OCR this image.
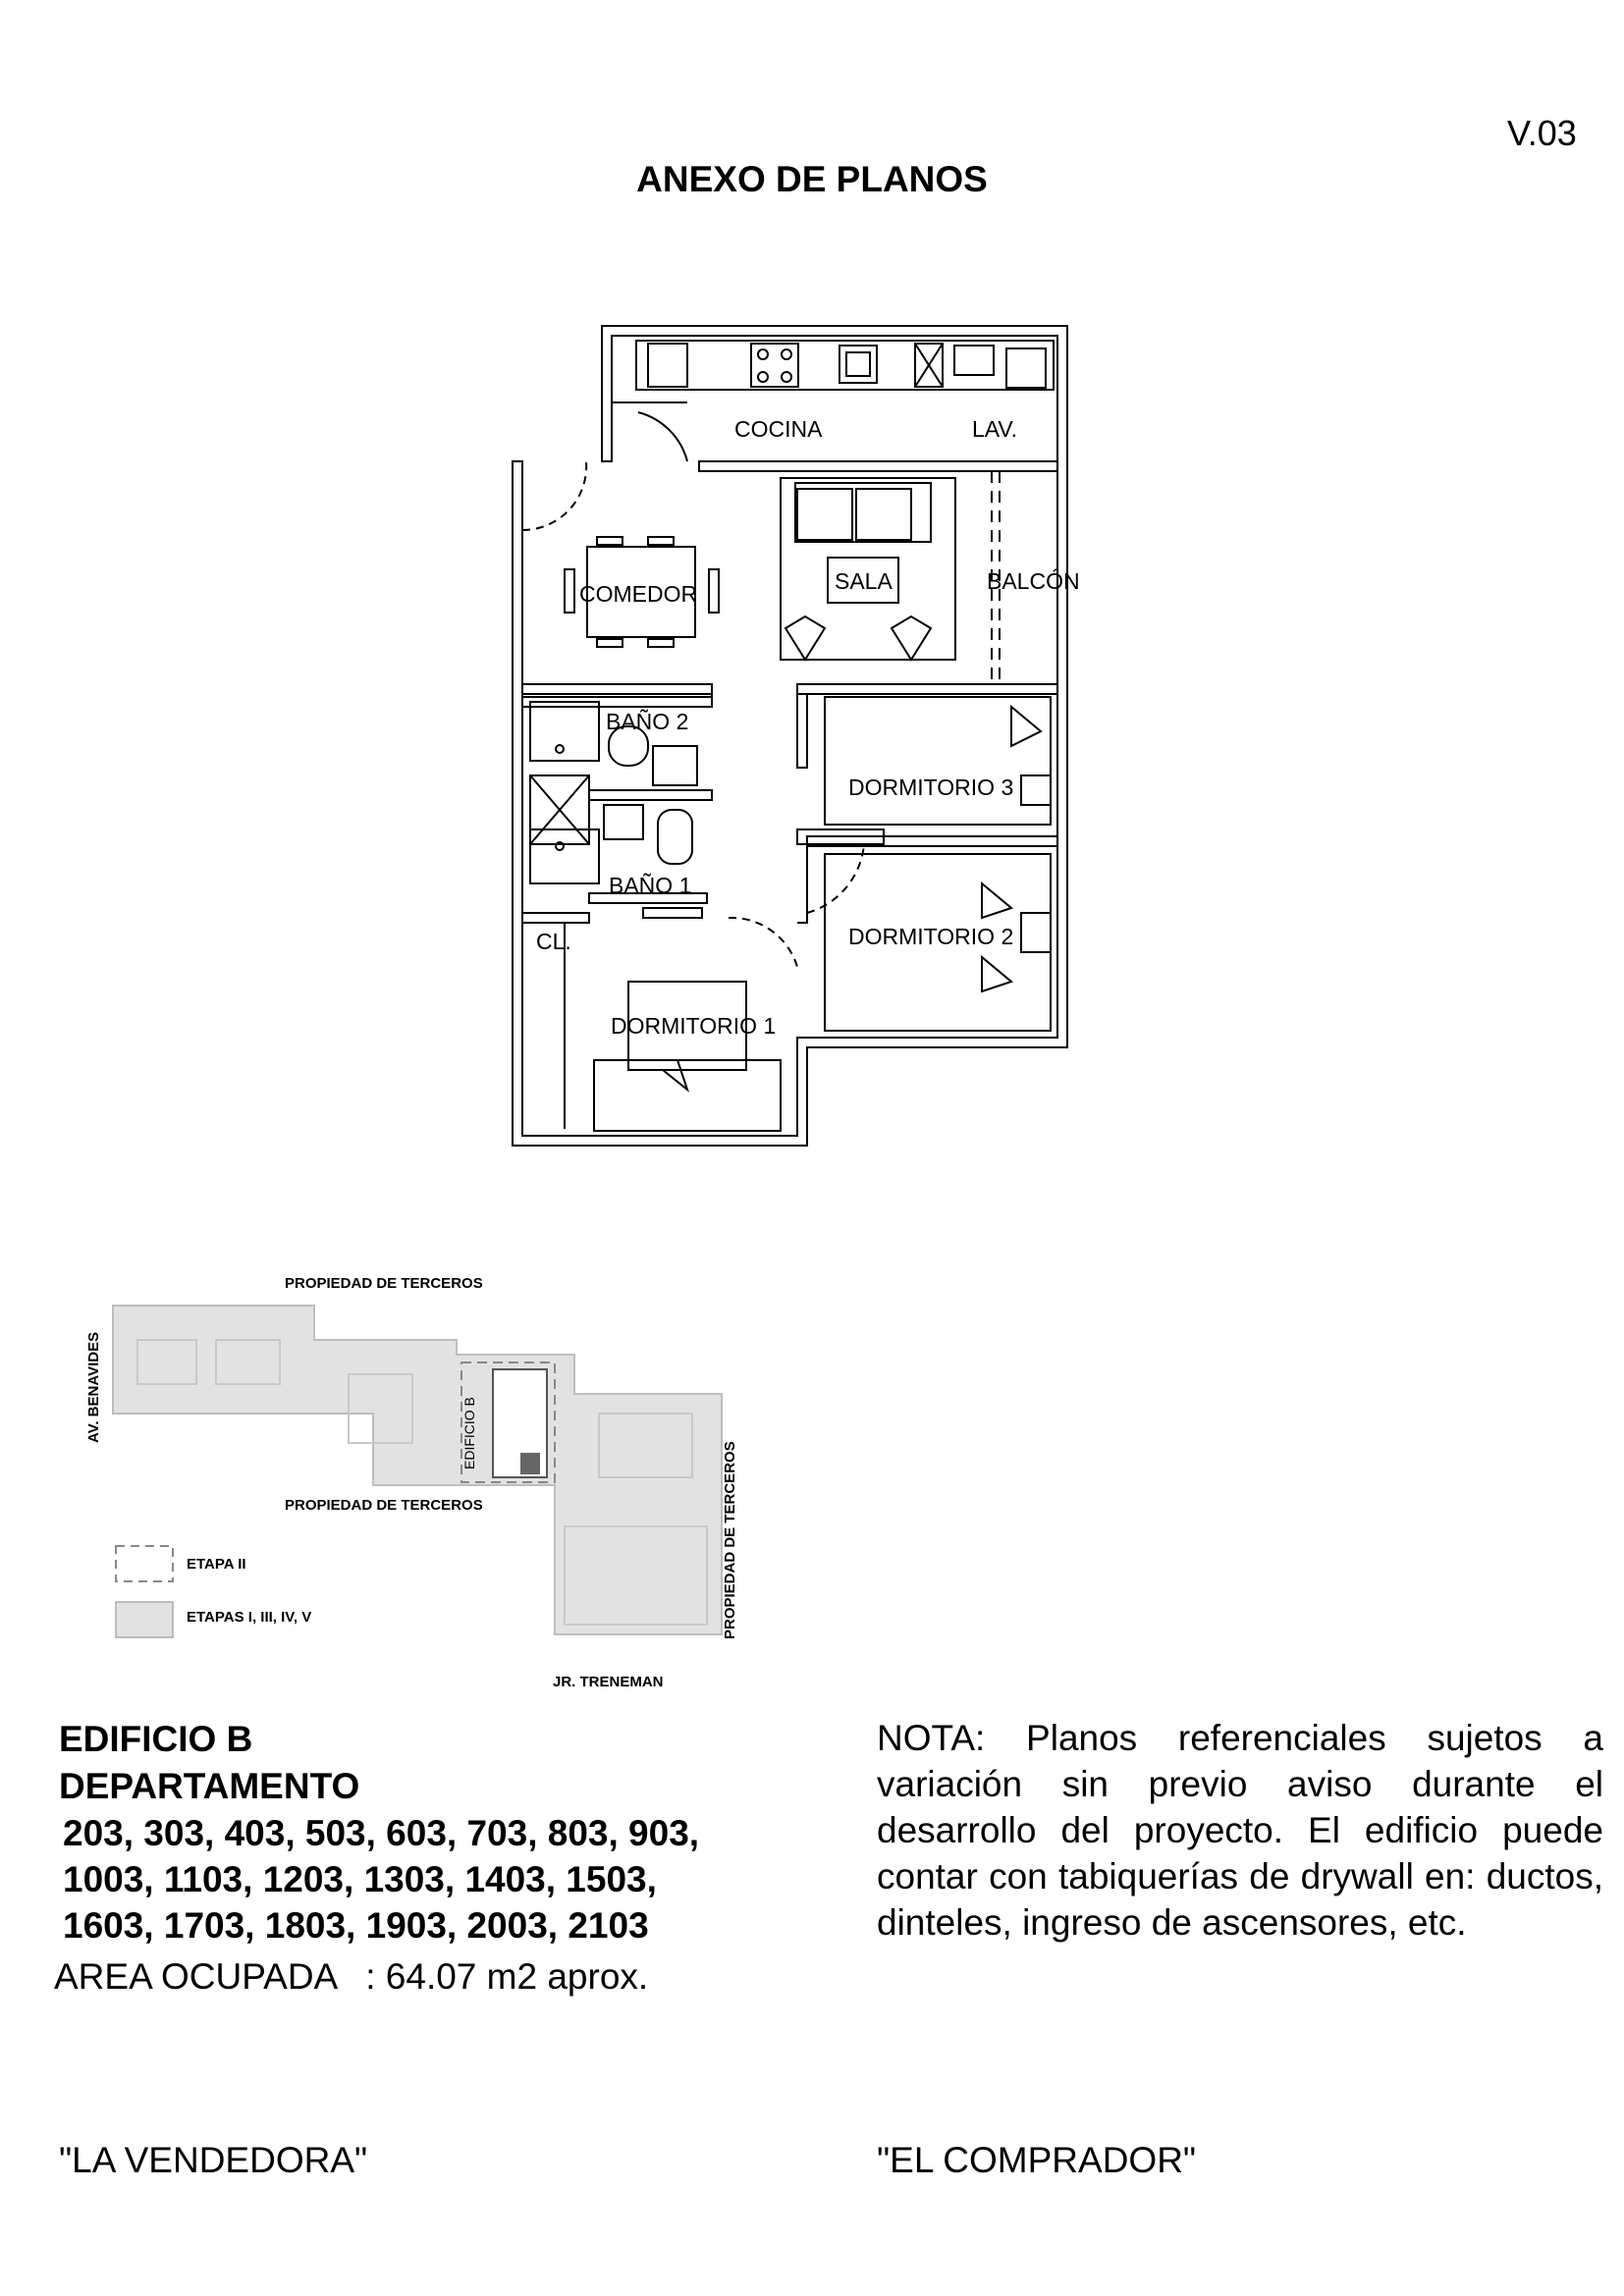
V.03
ANEXO DE PLANOS
COCINA	LAV.
COMEDOR	SALA	BALCÓN
BAÑO 2
DORMITORIO 3
BAÑO 1
DORMITORIO 2
CL.
DORMITORIO 1
PROPIEDAD DE TERCEROS
AV. BENAVIDES
PROPIEDAD DE TERCEROS	PROPIEDAD DE TERCEROS
JR. TRENEMAN
ETAPA II
ETAPAS I, III, IV, V
EDIFICIO B
EDIFICIO B
DEPARTAMENTO
203, 303, 403, 503, 603, 703, 803, 903,
1003, 1103, 1203, 1303, 1403, 1503,
1603, 1703, 1803, 1903, 2003, 2103
AREA OCUPADA : 64.07 m2 aprox.
NOTA: Planos referenciales sujetos a variación sin previo aviso durante el desarrollo del proyecto. El edificio puede contar con tabiquerías de drywall en: ductos, dinteles, ingreso de ascensores, etc.
"LA VENDEDORA"	"EL COMPRADOR"
